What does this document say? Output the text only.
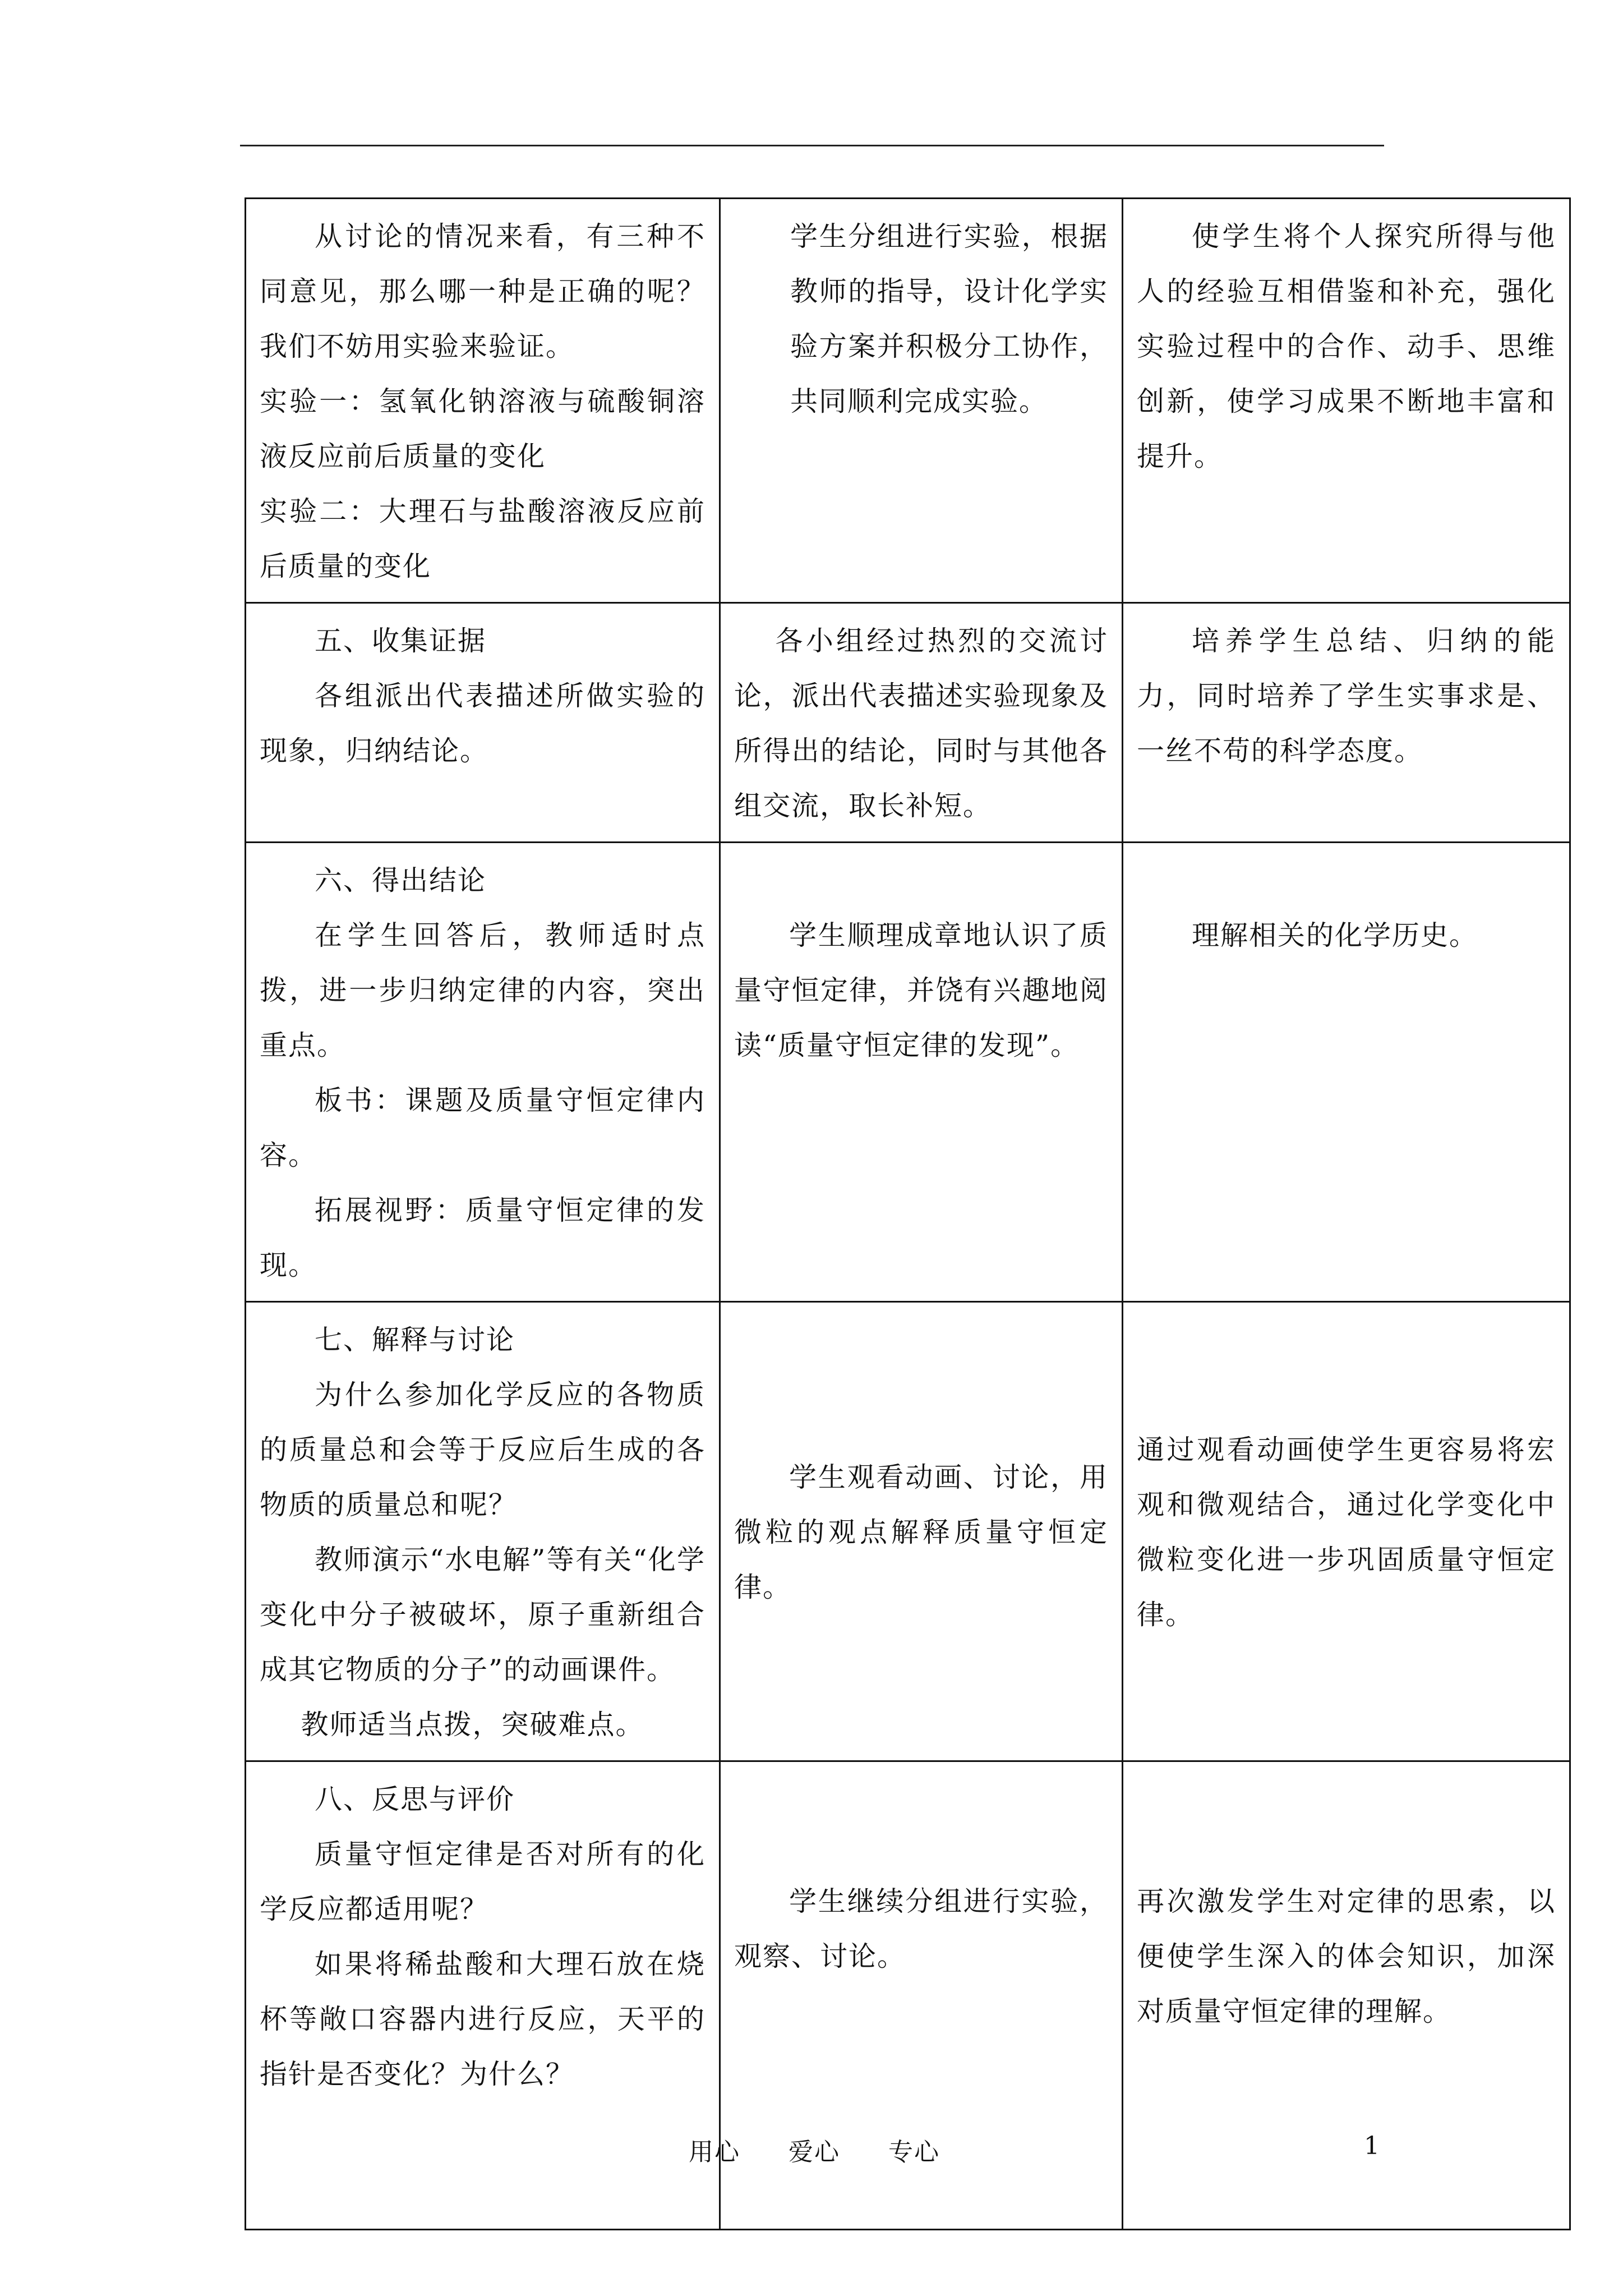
从讨论的情况来看，有三种不同意见，那么哪一种是正确的呢？我们不妨用实验来验证。

实验一：氢氧化钠溶液与硫酸铜溶液反应前后质量的变化

实验二：大理石与盐酸溶液反应前后质量的变化	学生分组进行实验，根据教师的指导，设计化学实验方案并积极分工协作，共同顺利完成实验。	使学生将个人探究所得与他人的经验互相借鉴和补充，强化实验过程中的合作、动手、思维创新，使学习成果不断地丰富和提升。

五、收集证据

各组派出代表描述所做实验的现象，归纳结论。	各小组经过热烈的交流讨论，派出代表描述实验现象及所得出的结论，同时与其他各组交流，取长补短。	培养学生总结、归纳的能力，同时培养了学生实事求是、一丝不苟的科学态度。

六、得出结论

在学生回答后，教师适时点拨，进一步归纳定律的内容，突出重点。

板书：课题及质量守恒定律内容。

拓展视野：质量守恒定律的发现。	学生顺理成章地认识了质量守恒定律，并饶有兴趣地阅读“质量守恒定律的发现”。	理解相关的化学历史。

七、解释与讨论

为什么参加化学反应的各物质的质量总和会等于反应后生成的各物质的质量总和呢？

教师演示“水电解”等有关“化学变化中分子被破坏，原子重新组合成其它物质的分子”的动画课件。

教师适当点拨，突破难点。	学生观看动画、讨论，用微粒的观点解释质量守恒定律。	通过观看动画使学生更容易将宏观和微观结合，通过化学变化中微粒变化进一步巩固质量守恒定律。

八、反思与评价

质量守恒定律是否对所有的化学反应都适用呢？

如果将稀盐酸和大理石放在烧杯等敞口容器内进行反应，天平的指针是否变化？为什么？	学生继续分组进行实验，观察、讨论。	再次激发学生对定律的思索，以便使学生深入的体会知识，加深对质量守恒定律的理解。

用心 爱心 专心	1
